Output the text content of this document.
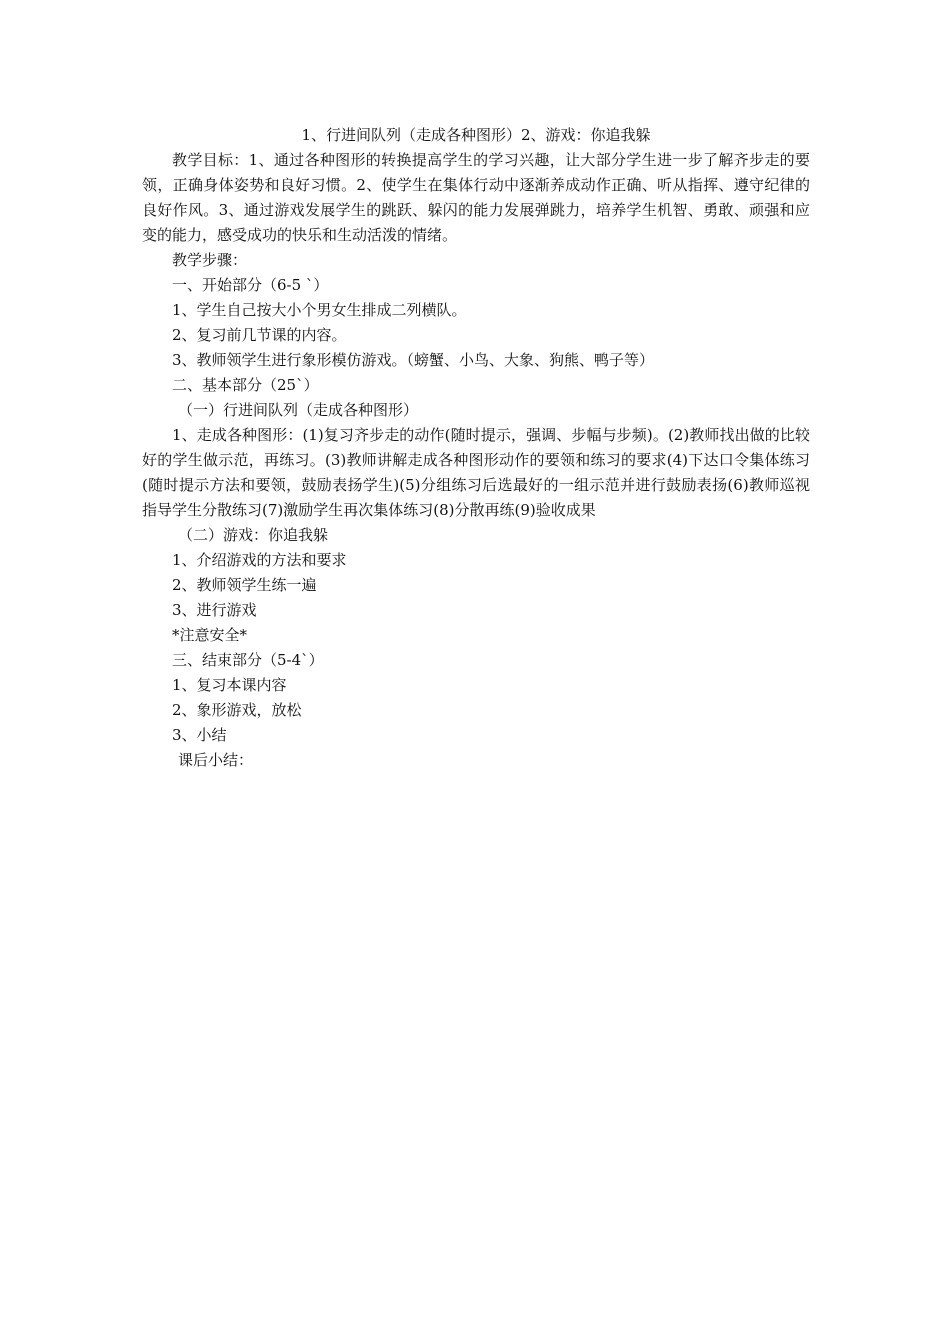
1、行进间队列（走成各种图形）2、游戏：你追我躲

教学目标：1、通过各种图形的转换提高学生的学习兴趣，让大部分学生进一步了解齐步走的要领，正确身体姿势和良好习惯。2、使学生在集体行动中逐渐养成动作正确、听从指挥、遵守纪律的良好作风。3、通过游戏发展学生的跳跃、躲闪的能力发展弹跳力，培养学生机智、勇敢、顽强和应变的能力，感受成功的快乐和生动活泼的情绪。

教学步骤：

一、开始部分（6-5 `）

1、学生自己按大小个男女生排成二列横队。

2、复习前几节课的内容。

3、教师领学生进行象形模仿游戏。（螃蟹、小鸟、大象、狗熊、鸭子等）

二、基本部分（25`）

（一）行进间队列（走成各种图形）

1、走成各种图形：(1)复习齐步走的动作(随时提示，强调、步幅与步频)。(2)教师找出做的比较好的学生做示范，再练习。(3)教师讲解走成各种图形动作的要领和练习的要求(4)下达口令集体练习(随时提示方法和要领，鼓励表扬学生)(5)分组练习后选最好的一组示范并进行鼓励表扬(6)教师巡视指导学生分散练习(7)激励学生再次集体练习(8)分散再练(9)验收成果

（二）游戏：你追我躲

1、介绍游戏的方法和要求

2、教师领学生练一遍

3、进行游戏

*注意安全*

三、结束部分（5-4`）

1、复习本课内容

2、象形游戏，放松

3、小结

课后小结：
